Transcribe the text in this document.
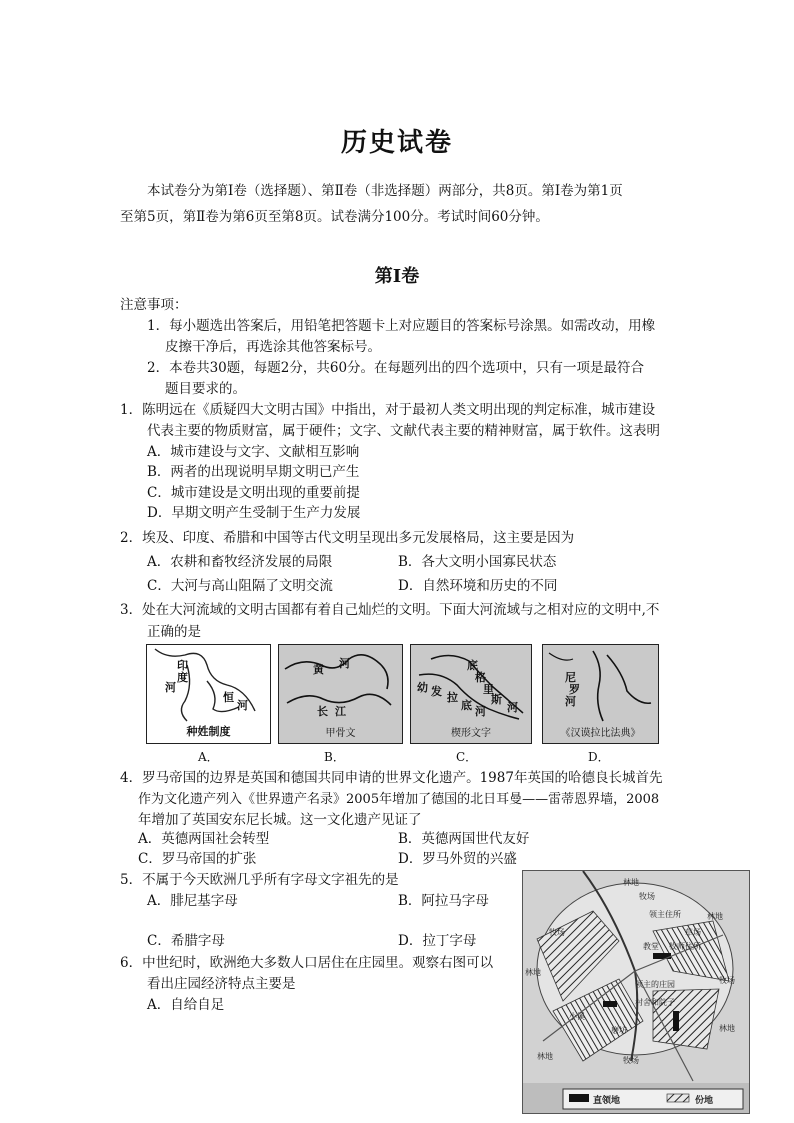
历史试卷
本试卷分为第Ⅰ卷（选择题）、第Ⅱ卷（非选择题）两部分，共8页。第Ⅰ卷为第1页
至第5页，第Ⅱ卷为第6页至第8页。试卷满分100分。考试时间60分钟。
第Ⅰ卷
注意事项：
1．每小题选出答案后，用铅笔把答题卡上对应题目的答案标号涂黑。如需改动，用橡
皮擦干净后，再选涂其他答案标号。
2．本卷共30题，每题2分，共60分。在每题列出的四个选项中，只有一项是最符合
题目要求的。
1．陈明远在《质疑四大文明古国》中指出，对于最初人类文明出现的判定标准，城市建设
代表主要的物质财富，属于硬件；文字、文献代表主要的精神财富，属于软件。这表明
A．城市建设与文字、文献相互影响
B．两者的出现说明早期文明已产生
C．城市建设是文明出现的重要前提
D．早期文明产生受制于生产力发展
2．埃及、印度、希腊和中国等古代文明呈现出多元发展格局，这主要是因为
A．农耕和畜牧经济发展的局限	B．各大文明小国寡民状态
C．大河与高山阻隔了文明交流	D．自然环境和历史的不同
3．处在大河流域的文明古国都有着自己灿烂的文明。下面大河流域与之相对应的文明中,不
正确的是
印
度
河
恒
河
种姓制度
A．
黄 河
长 江
甲骨文
B．
底
格
里
斯
河
幼 发 拉
底 河
楔形文字
C．
尼
罗
河
《汉谟拉比法典》
D．
4．罗马帝国的边界是英国和德国共同申请的世界文化遗产。1987年英国的哈德良长城首先
作为文化遗产列入《世界遗产名录》2005年增加了德国的北日耳曼——雷蒂恩界墙，2008
年增加了英国安东尼长城。这一文化遗产见证了
A．英德两国社会转型	B．英德两国世代友好
C．罗马帝国的扩张	D．罗马外贸的兴盛
5．不属于今天欧洲几乎所有字母文字祖先的是
A．腓尼基字母	B．阿拉马字母
C．希腊字母	D．拉丁字母
6．中世纪时，欧洲绝大多数人口居住在庄园里。观察右图可以
看出庄园经济特点主要是
A．自给自足
林地
牧场
林地
牧场
领主住所
草场
牧师住所
教堂
林地
牧场
领主的庄园
村舍和院子
小溪
磨坊	林地
牧场
林地
直领地	份地
